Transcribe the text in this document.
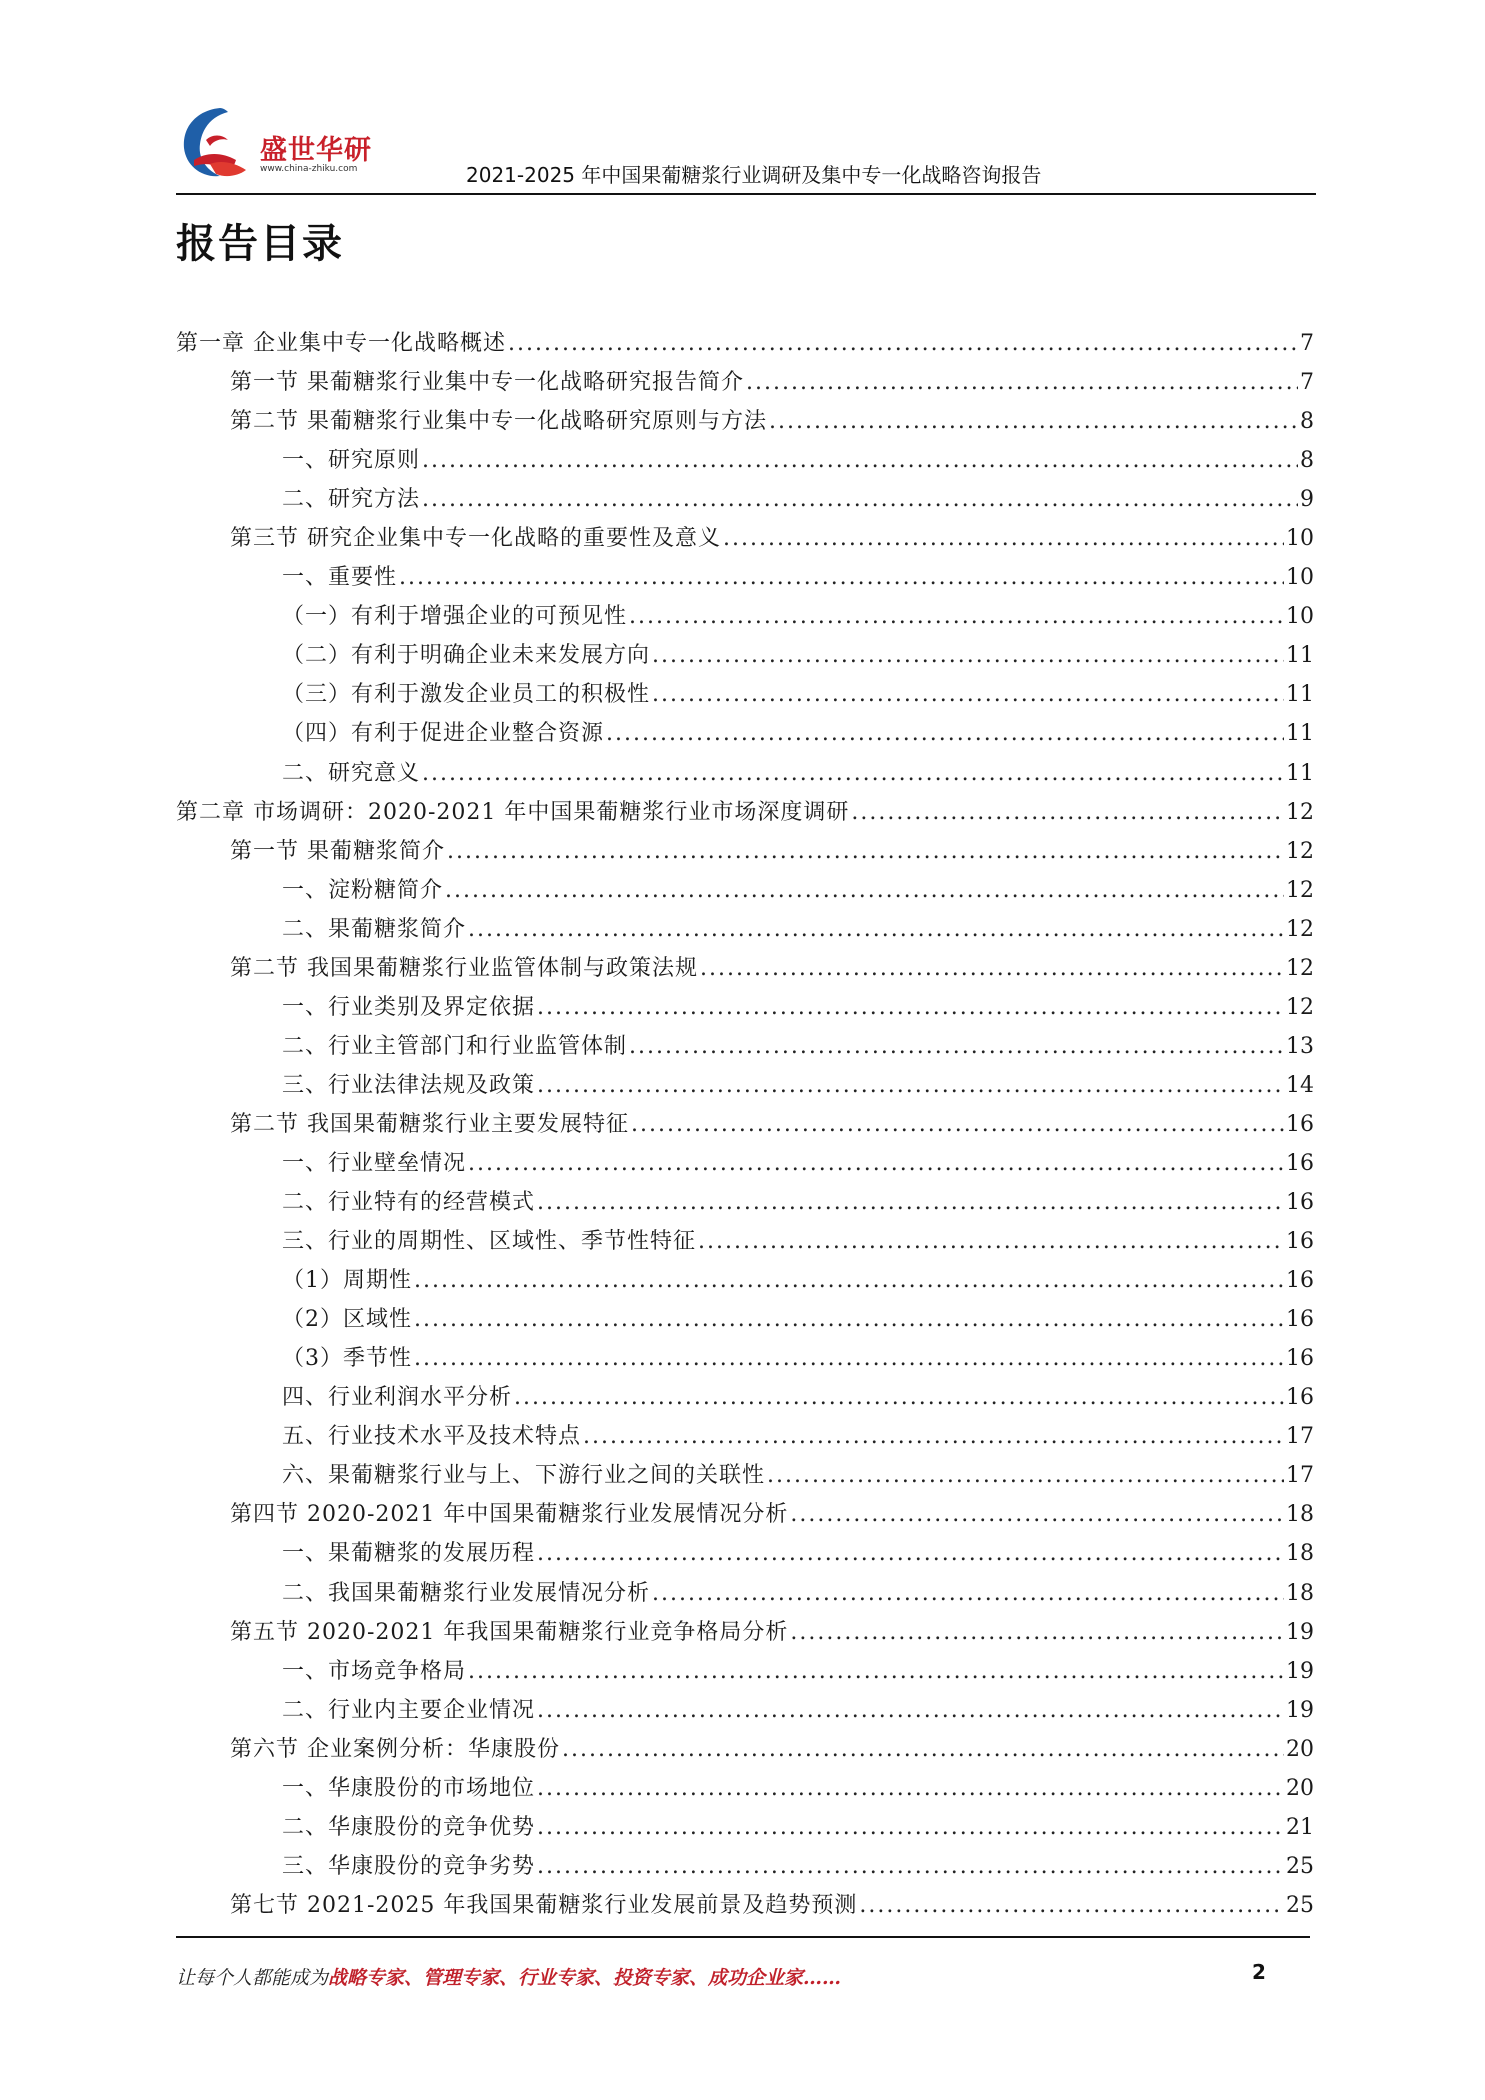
盛世华研
www.china-zhiku.com	2021-2025 年中国果葡糖浆行业调研及集中专一化战略咨询报告
报告目录
第一章 企业集中专一化战略概述 .....	7
第一节 果葡糖浆行业集中专一化战略研究报告简介 .....	7
第二节 果葡糖浆行业集中专一化战略研究原则与方法 .....	8
一、研究原则 .....	8
二、研究方法 .....	9
第三节 研究企业集中专一化战略的重要性及意义 .....	10
一、重要性 .....	10
（一）有利于增强企业的可预见性 .....	10
（二）有利于明确企业未来发展方向 .....	11
（三）有利于激发企业员工的积极性 .....	11
（四）有利于促进企业整合资源 .....	11
二、研究意义 .....	11
第二章 市场调研：2020-2021 年中国果葡糖浆行业市场深度调研 .....	12
第一节 果葡糖浆简介 .....	12
一、淀粉糖简介 .....	12
二、果葡糖浆简介 .....	12
第二节 我国果葡糖浆行业监管体制与政策法规 .....	12
一、行业类别及界定依据 .....	12
二、行业主管部门和行业监管体制 .....	13
三、行业法律法规及政策 .....	14
第二节 我国果葡糖浆行业主要发展特征 .....	16
一、行业壁垒情况 .....	16
二、行业特有的经营模式 .....	16
三、行业的周期性、区域性、季节性特征 .....	16
（1）周期性 .....	16
（2）区域性 .....	16
（3）季节性 .....	16
四、行业利润水平分析 .....	16
五、行业技术水平及技术特点 .....	17
六、果葡糖浆行业与上、下游行业之间的关联性 .....	17
第四节 2020-2021 年中国果葡糖浆行业发展情况分析 .....	18
一、果葡糖浆的发展历程 .....	18
二、我国果葡糖浆行业发展情况分析 .....	18
第五节 2020-2021 年我国果葡糖浆行业竞争格局分析 .....	19
一、市场竞争格局 .....	19
二、行业内主要企业情况 .....	19
第六节 企业案例分析：华康股份 .....	20
一、华康股份的市场地位 .....	20
二、华康股份的竞争优势 .....	21
三、华康股份的竞争劣势 .....	25
第七节 2021-2025 年我国果葡糖浆行业发展前景及趋势预测 .....	25
让每个人都能成为战略专家、管理专家、行业专家、投资专家、成功企业家……	2
